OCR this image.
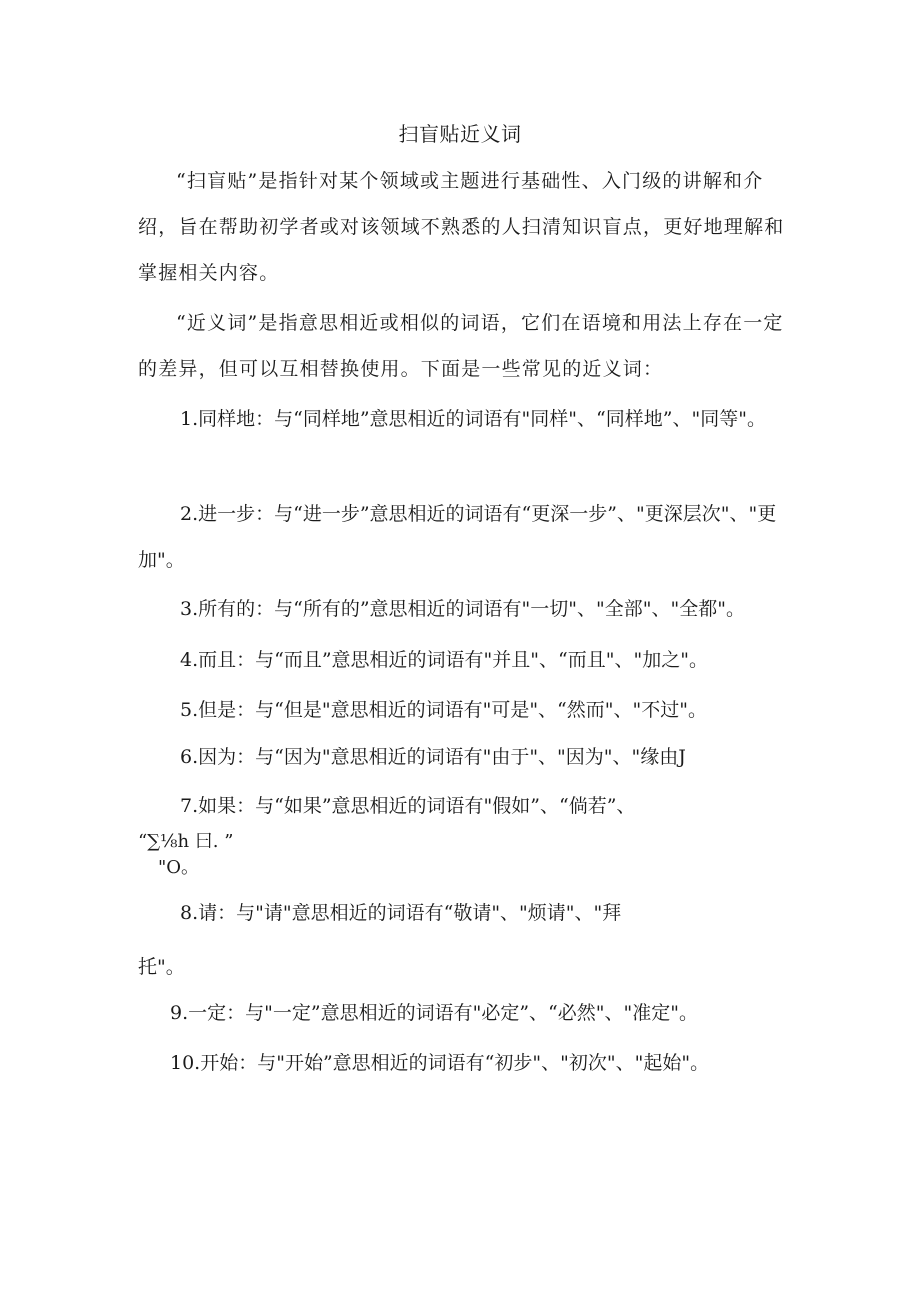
扫盲贴近义词

“扫盲贴”是指针对某个领域或主题进行基础性、入门级的讲解和介绍，旨在帮助初学者或对该领域不熟悉的人扫清知识盲点，更好地理解和掌握相关内容。

“近义词”是指意思相近或相似的词语，它们在语境和用法上存在一定的差异，但可以互相替换使用。下面是一些常见的近义词：

1.同样地：与“同样地”意思相近的词语有"同样"、“同样地”、"同等"。

2.进一步：与“进一步”意思相近的词语有“更深一步”、"更深层次"、"更加"。

3.所有的：与“所有的”意思相近的词语有"一切"、"全部"、"全都"。

4.而且：与“而且”意思相近的词语有"并且"、“而且"、"加之"。

5.但是：与“但是"意思相近的词语有"可是"、“然而"、"不过"。

6.因为：与“因为"意思相近的词语有"由于"、"因为"、"缘由J

7.如果：与“如果”意思相近的词语有"假如”、“倘若”、

“∑⅛h 曰. ”
"O。

8.请：与"请"意思相近的词语有“敬请"、"烦请"、"拜

托"。

9.一定：与"一定”意思相近的词语有"必定”、“必然"、"准定"。

10.开始：与"开始”意思相近的词语有“初步"、"初次"、"起始"。
